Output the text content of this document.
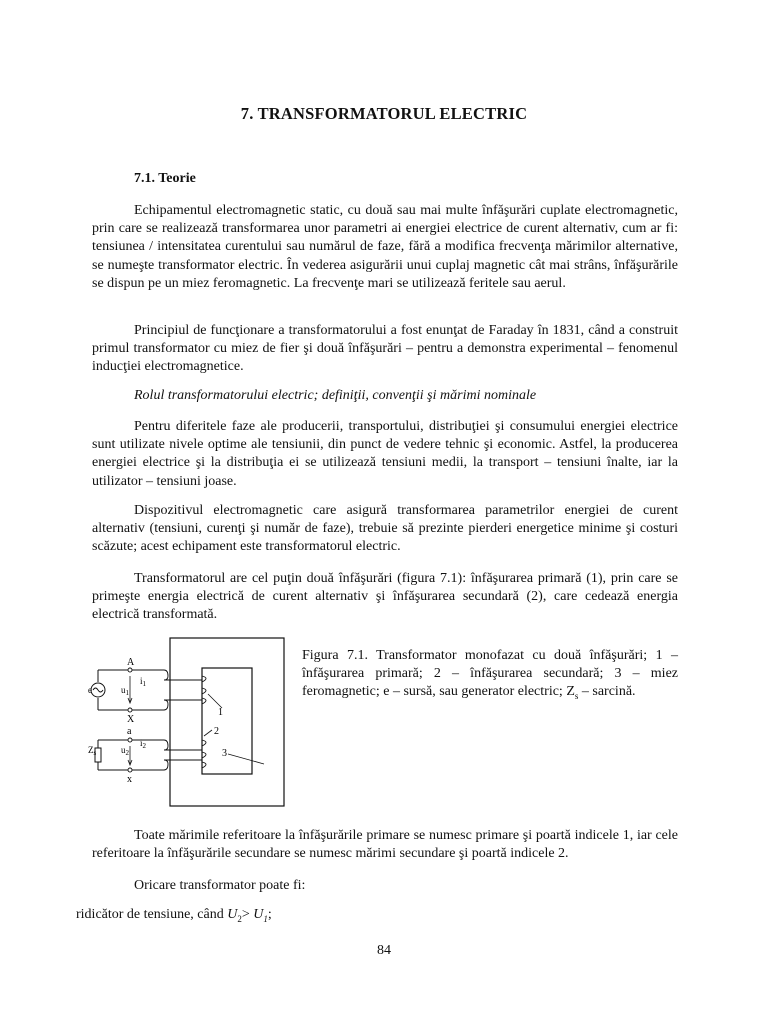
7. TRANSFORMATORUL ELECTRIC
7.1. Teorie

Echipamentul electromagnetic static, cu două sau mai multe înfăşurări cuplate electromagnetic, prin care se realizează transformarea unor parametri ai energiei electrice de curent alternativ, cum ar fi: tensiunea / intensitatea curentului sau numărul de faze, fără a modifica frecvenţa mărimilor alternative, se numeşte transformator electric. În vederea asigurării unui cuplaj magnetic cât mai strâns, înfăşurările se dispun pe un miez feromagnetic. La frecvenţe mari se utilizează feritele sau aerul.

Principiul de funcţionare a transformatorului a fost enunţat de Faraday în 1831, când a construit primul transformator cu miez de fier şi două înfăşurări – pentru a demonstra experimental – fenomenul inducţiei electromagnetice.

Rolul transformatorului electric; definiţii, convenţii şi mărimi nominale

Pentru diferitele faze ale producerii, transportului, distribuţiei şi consumului energiei electrice sunt utilizate nivele optime ale tensiunii, din punct de vedere tehnic şi economic. Astfel, la producerea energiei electrice şi la distribuţia ei se utilizează tensiuni medii, la transport – tensiuni înalte, iar la utilizator – tensiuni joase.

Dispozitivul electromagnetic care asigură transformarea parametrilor energiei de curent alternativ (tensiuni, curenţi şi număr de faze), trebuie să prezinte pierderi energetice minime şi costuri scăzute; acest echipament este transformatorul electric.

Transformatorul are cel puţin două înfăşurări (figura 7.1): înfăşurarea primară (1), prin care se primeşte energia electrică de curent alternativ şi înfăşurarea secundară (2), care cedează energia electrică transformată.

A
X
a
x
e	$u_1$
$i_1$
$u_2$
$i_2$
$Z_s$
1
2
3

Figura 7.1. Transformator monofazat cu două înfăşurări; 1 – înfăşurarea primară; 2 – înfăşurarea secundară; 3 – miez feromagnetic; e – sursă, sau generator electric; $Z_s$ – sarcină.

Toate mărimile referitoare la înfăşurările primare se numesc primare şi poartă indicele 1, iar cele referitoare la înfăşurările secundare se numesc mărimi secundare şi poartă indicele 2.

Oricare transformator poate fi:

ridicător de tensiune, când $U_2> U_1$;
84
